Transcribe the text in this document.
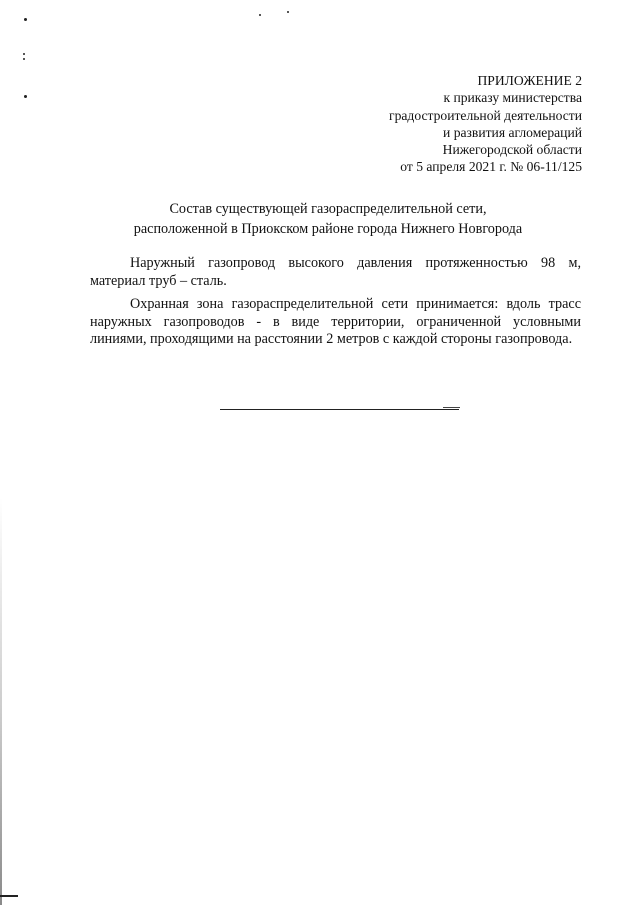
ПРИЛОЖЕНИЕ 2
к приказу министерства
градостроительной деятельности
и развития агломераций
Нижегородской области
от 5 апреля 2021 г. № 06-11/125
Состав существующей газораспределительной сети,
расположенной в Приокском районе города Нижнего Новгорода

Наружный газопровод высокого давления протяженностью 98 м, материал труб – сталь.

Охранная зона газораспределительной сети принимается: вдоль трасс наружных газопроводов - в виде территории, ограниченной условными линиями, проходящими на расстоянии 2 метров с каждой стороны газопровода.
